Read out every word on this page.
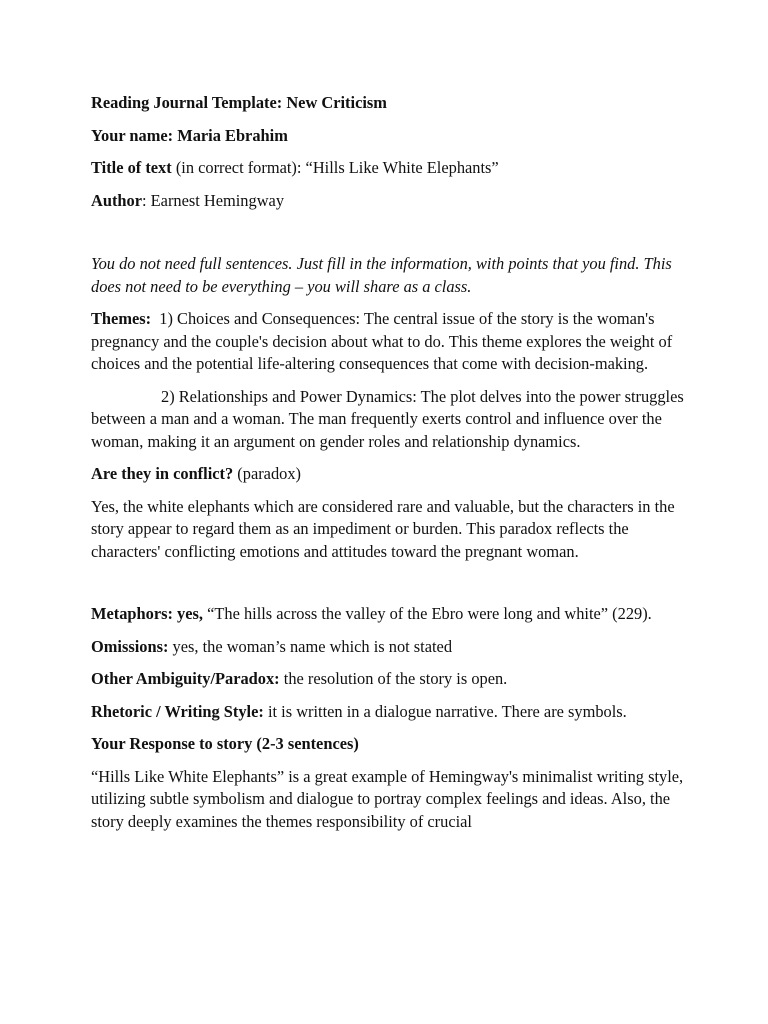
Reading Journal Template: New Criticism

Your name: Maria Ebrahim

Title of text (in correct format): “Hills Like White Elephants”

Author: Earnest Hemingway

You do not need full sentences. Just fill in the information, with points that you find. This does not need to be everything – you will share as a class.

Themes: 1) Choices and Consequences: The central issue of the story is the woman's pregnancy and the couple's decision about what to do. This theme explores the weight of choices and the potential life-altering consequences that come with decision-making.

2) Relationships and Power Dynamics: The plot delves into the power struggles between a man and a woman. The man frequently exerts control and influence over the woman, making it an argument on gender roles and relationship dynamics.

Are they in conflict? (paradox)

Yes, the white elephants which are considered rare and valuable, but the characters in the story appear to regard them as an impediment or burden. This paradox reflects the characters' conflicting emotions and attitudes toward the pregnant woman.

Metaphors: yes, “The hills across the valley of the Ebro were long and white” (229).

Omissions: yes, the woman’s name which is not stated

Other Ambiguity/Paradox: the resolution of the story is open.

Rhetoric / Writing Style: it is written in a dialogue narrative. There are symbols.

Your Response to story (2-3 sentences)

“Hills Like White Elephants” is a great example of Hemingway's minimalist writing style, utilizing subtle symbolism and dialogue to portray complex feelings and ideas. Also, the story deeply examines the themes responsibility of crucial
